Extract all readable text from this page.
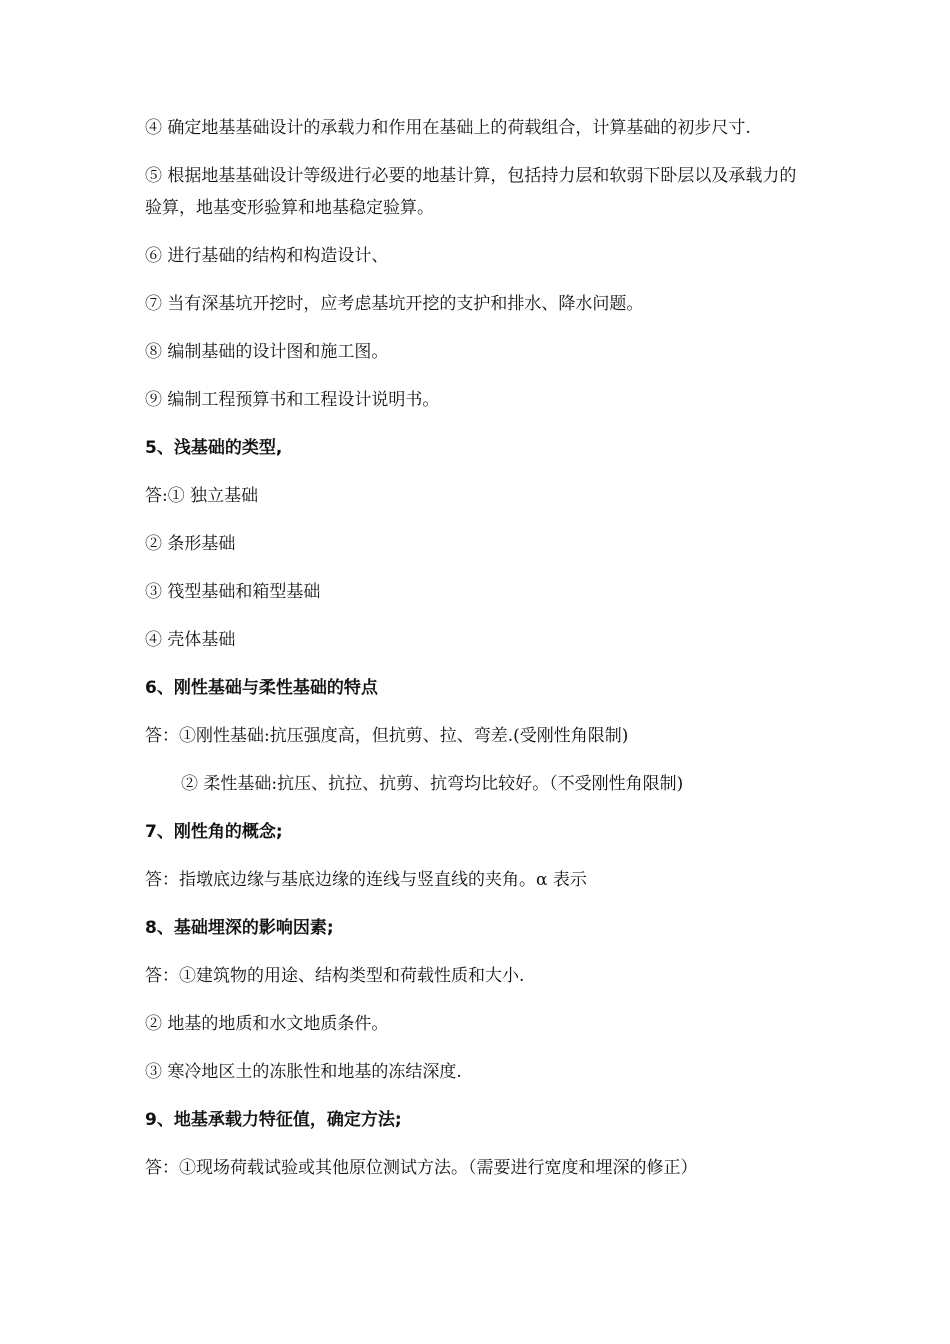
④ 确定地基基础设计的承载力和作用在基础上的荷载组合，计算基础的初步尺寸.

⑤ 根据地基基础设计等级进行必要的地基计算，包括持力层和软弱下卧层以及承载力的验算，地基变形验算和地基稳定验算。

⑥ 进行基础的结构和构造设计、

⑦ 当有深基坑开挖时，应考虑基坑开挖的支护和排水、降水问题。

⑧ 编制基础的设计图和施工图。

⑨ 编制工程预算书和工程设计说明书。

5、浅基础的类型,

答:① 独立基础

② 条形基础

③ 筏型基础和箱型基础

④ 壳体基础

6、刚性基础与柔性基础的特点

答：①刚性基础:抗压强度高，但抗剪、拉、弯差.(受刚性角限制)

② 柔性基础:抗压、抗拉、抗剪、抗弯均比较好。（不受刚性角限制)

7、刚性角的概念;

答：指墩底边缘与基底边缘的连线与竖直线的夹角。α 表示

8、基础埋深的影响因素;

答：①建筑物的用途、结构类型和荷载性质和大小.

② 地基的地质和水文地质条件。

③ 寒冷地区土的冻胀性和地基的冻结深度.

9、地基承载力特征值，确定方法;

答：①现场荷载试验或其他原位测试方法。（需要进行宽度和埋深的修正）
